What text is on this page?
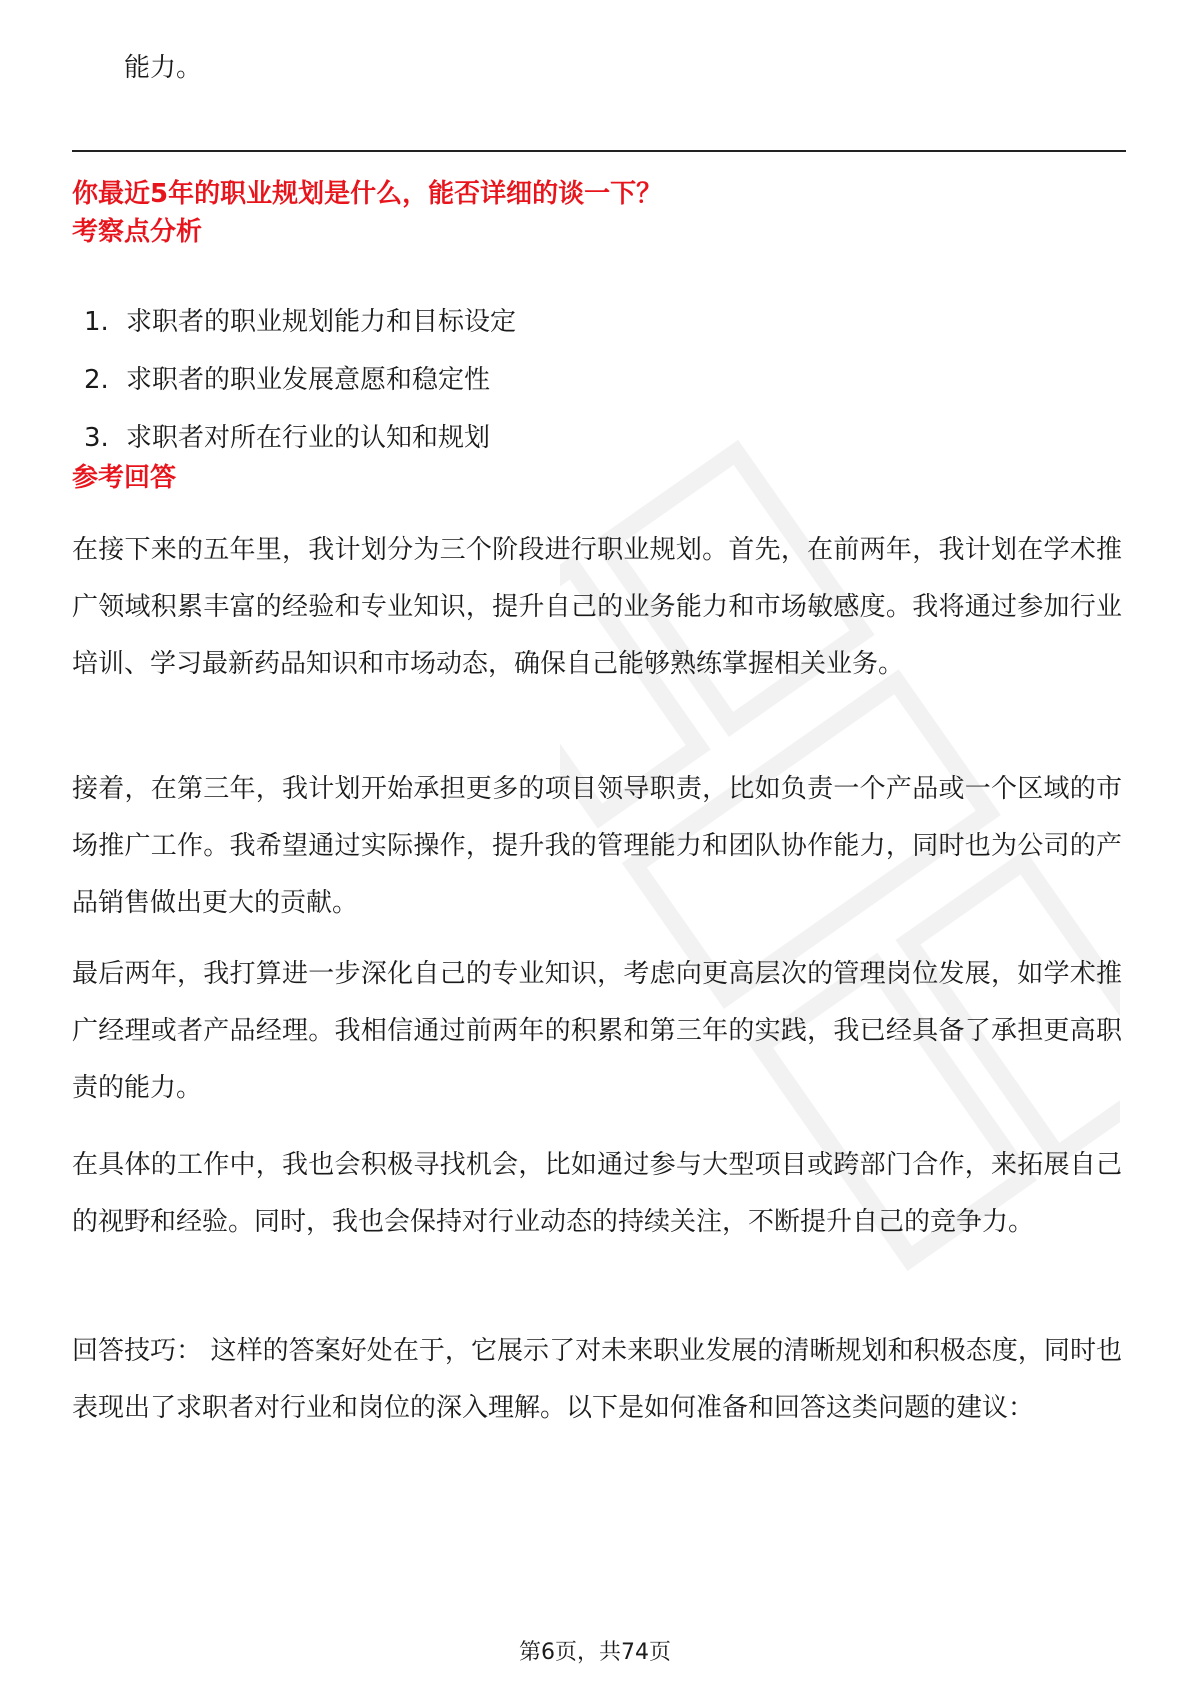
能力。
你最近5年的职业规划是什么，能否详细的谈一下？
考察点分析
1. 求职者的职业规划能力和目标设定
2. 求职者的职业发展意愿和稳定性
3. 求职者对所在行业的认知和规划
参考回答

在接下来的五年里，我计划分为三个阶段进行职业规划。首先，在前两年，我计划在学术推广领域积累丰富的经验和专业知识，提升自己的业务能力和市场敏感度。我将通过参加行业培训、学习最新药品知识和市场动态，确保自己能够熟练掌握相关业务。

接着，在第三年，我计划开始承担更多的项目领导职责，比如负责一个产品或一个区域的市场推广工作。我希望通过实际操作，提升我的管理能力和团队协作能力，同时也为公司的产品销售做出更大的贡献。

最后两年，我打算进一步深化自己的专业知识，考虑向更高层次的管理岗位发展，如学术推广经理或者产品经理。我相信通过前两年的积累和第三年的实践，我已经具备了承担更高职责的能力。

在具体的工作中，我也会积极寻找机会，比如通过参与大型项目或跨部门合作，来拓展自己的视野和经验。同时，我也会保持对行业动态的持续关注，不断提升自己的竞争力。

回答技巧： 这样的答案好处在于，它展示了对未来职业发展的清晰规划和积极态度，同时也表现出了求职者对行业和岗位的深入理解。以下是如何准备和回答这类问题的建议：

第6页，共74页
